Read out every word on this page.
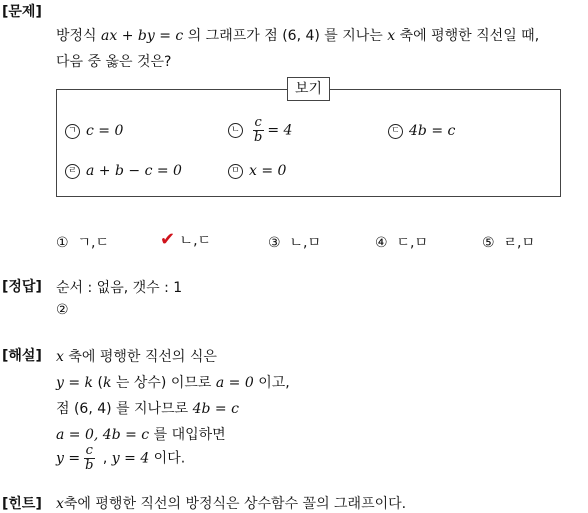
[문제]
방정식 ax + by = c 의 그래프가 점 (6, 4) 를 지나는 x 축에 평행한 직선일 때,
다음 중 옳은 것은?
보기
ㄱ c = 0	ㄴ $\frac{c}{b} = 4$	ㄷ 4b = c
ㄹ a + b − c = 0	ㅁ x = 0
① ㄱ,ㄷ	✔ ㄴ,ㄷ	③ ㄴ,ㅁ	④ ㄷ,ㅁ	⑤ ㄹ,ㅁ
[정답] 순서 : 없음, 갯수 : 1
②
[해설] x 축에 평행한 직선의 식은
y = k (k 는 상수) 이므로 a = 0 이고,
점 (6, 4) 를 지나므로 4b = c
a = 0, 4b = c 를 대입하면
$y = \frac{c}{b}$ , y = 4 이다.
[힌트] x축에 평행한 직선의 방정식은 상수함수 꼴의 그래프이다.
